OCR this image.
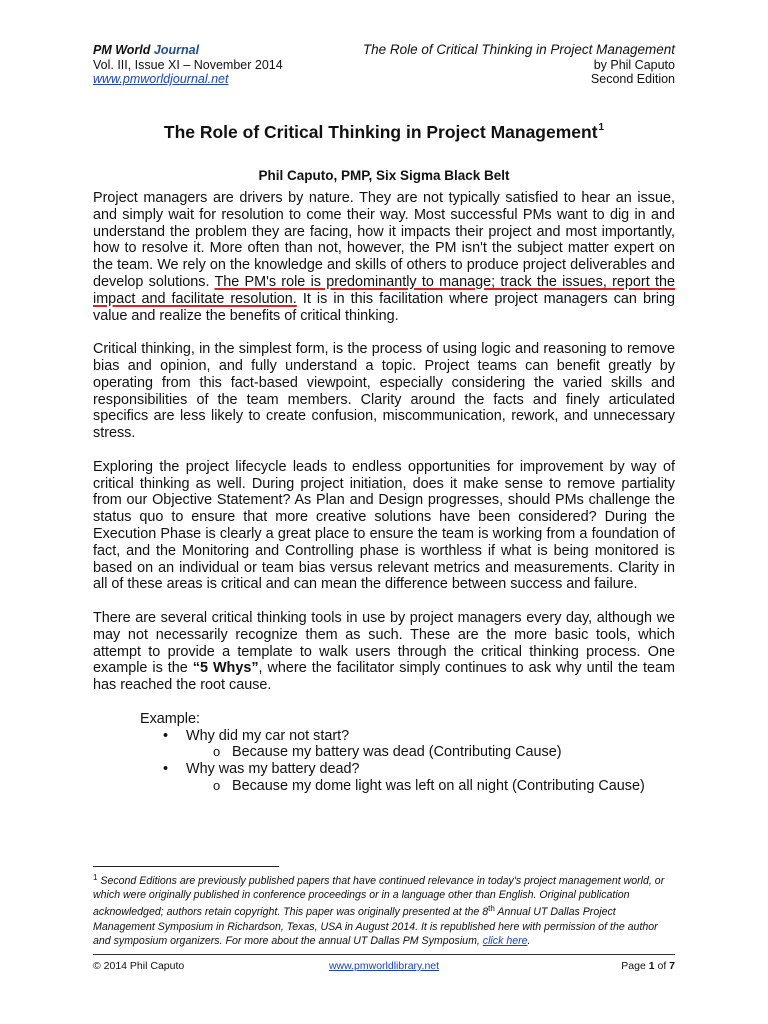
PM World Journal
Vol. III, Issue XI – November 2014
www.pmworldjournal.net
The Role of Critical Thinking in Project Management
by Phil Caputo
Second Edition
The Role of Critical Thinking in Project Management$^1$
Phil Caputo, PMP, Six Sigma Black Belt

Project managers are drivers by nature. They are not typically satisfied to hear an issue, and simply wait for resolution to come their way. Most successful PMs want to dig in and understand the problem they are facing, how it impacts their project and most importantly, how to resolve it. More often than not, however, the PM isn't the subject matter expert on the team. We rely on the knowledge and skills of others to produce project deliverables and develop solutions. The PM's role is predominantly to manage; track the issues, report the impact and facilitate resolution. It is in this facilitation where project managers can bring value and realize the benefits of critical thinking.

Critical thinking, in the simplest form, is the process of using logic and reasoning to remove bias and opinion, and fully understand a topic. Project teams can benefit greatly by operating from this fact-based viewpoint, especially considering the varied skills and responsibilities of the team members. Clarity around the facts and finely articulated specifics are less likely to create confusion, miscommunication, rework, and unnecessary stress.

Exploring the project lifecycle leads to endless opportunities for improvement by way of critical thinking as well. During project initiation, does it make sense to remove partiality from our Objective Statement? As Plan and Design progresses, should PMs challenge the status quo to ensure that more creative solutions have been considered? During the Execution Phase is clearly a great place to ensure the team is working from a foundation of fact, and the Monitoring and Controlling phase is worthless if what is being monitored is based on an individual or team bias versus relevant metrics and measurements. Clarity in all of these areas is critical and can mean the difference between success and failure.

There are several critical thinking tools in use by project managers every day, although we may not necessarily recognize them as such. These are the more basic tools, which attempt to provide a template to walk users through the critical thinking process. One example is the “5 Whys”, where the facilitator simply continues to ask why until the team has reached the root cause.

Example:
• Why did my car not start?
o Because my battery was dead (Contributing Cause)
• Why was my battery dead?
o Because my dome light was left on all night (Contributing Cause)
$^1$ Second Editions are previously published papers that have continued relevance in today's project management world, or which were originally published in conference proceedings or in a language other than English. Original publication acknowledged; authors retain copyright. This paper was originally presented at the 8th Annual UT Dallas Project Management Symposium in Richardson, Texas, USA in August 2014. It is republished here with permission of the author and symposium organizers. For more about the annual UT Dallas PM Symposium, click here.
© 2014 Phil Caputo	www.pmworldlibrary.net	Page 1 of 7
